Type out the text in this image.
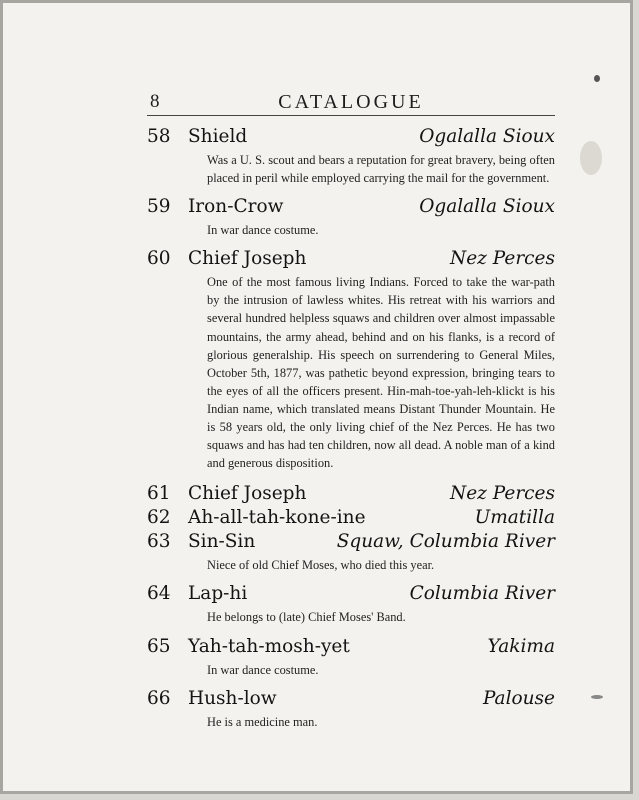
8	CATALOGUE
58 Shield	Ogalalla Sioux
Was a U. S. scout and bears a reputation for great bravery, being often placed in peril while employed carrying the mail for the government.
59 Iron-Crow	Ogalalla Sioux
In war dance costume.
60 Chief Joseph	Nez Perces
One of the most famous living Indians. Forced to take the war-path by the intrusion of lawless whites. His retreat with his warriors and several hundred helpless squaws and children over almost impassable mountains, the army ahead, behind and on his flanks, is a record of glorious generalship. His speech on surrendering to General Miles, October 5th, 1877, was pathetic beyond expression, bringing tears to the eyes of all the officers present. Hin-mah-toe-yah-leh-klickt is his Indian name, which translated means Distant Thunder Mountain. He is 58 years old, the only living chief of the Nez Perces. He has two squaws and has had ten children, now all dead. A noble man of a kind and generous disposition.
61 Chief Joseph	Nez Perces
62 Ah-all-tah-kone-ine	Umatilla
63 Sin-Sin	Squaw, Columbia River
Niece of old Chief Moses, who died this year.
64 Lap-hi	Columbia River
He belongs to (late) Chief Moses' Band.
65 Yah-tah-mosh-yet	Yakima
In war dance costume.
66 Hush-low	Palouse
He is a medicine man.
